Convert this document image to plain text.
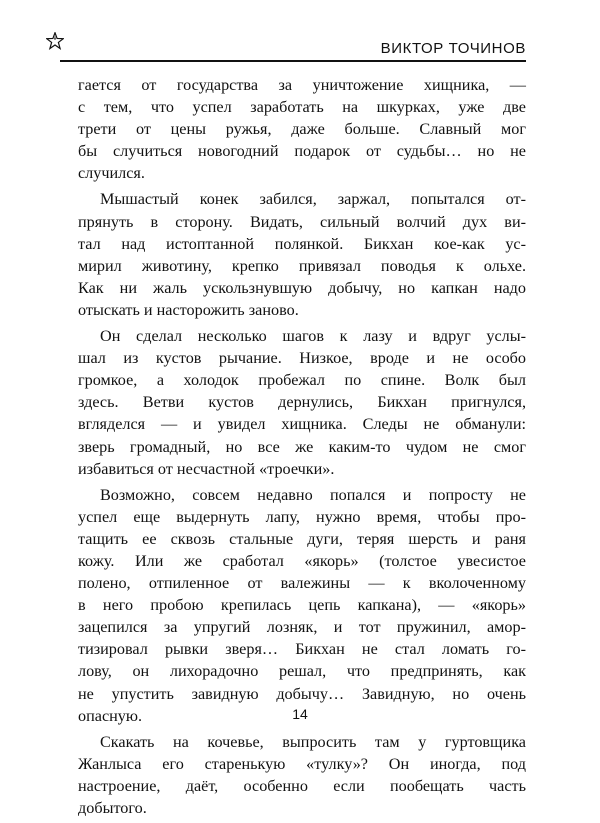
ВИКТОР ТОЧИНОВ
гается от государства за уничтожение хищника, —
с тем, что успел заработать на шкурках, уже две
трети от цены ружья, даже больше. Славный мог
бы случиться новогодний подарок от судьбы… но не
случился.
Мышастый конек забился, заржал, попытался от-
прянуть в сторону. Видать, сильный волчий дух ви-
тал над истоптанной полянкой. Бикхан кое-как ус-
мирил животину, крепко привязал поводья к ольхе.
Как ни жаль ускользнувшую добычу, но капкан надо
отыскать и насторожить заново.
Он сделал несколько шагов к лазу и вдруг услы-
шал из кустов рычание. Низкое, вроде и не особо
громкое, а холодок пробежал по спине. Волк был
здесь. Ветви кустов дернулись, Бикхан пригнулся,
вгляделся — и увидел хищника. Следы не обманули:
зверь громадный, но все же каким-то чудом не смог
избавиться от несчастной «троечки».
Возможно, совсем недавно попался и попросту не
успел еще выдернуть лапу, нужно время, чтобы про-
тащить ее сквозь стальные дуги, теряя шерсть и раня
кожу. Или же сработал «якорь» (толстое увесистое
полено, отпиленное от валежины — к вколоченному
в него пробою крепилась цепь капкана), — «якорь»
зацепился за упругий лозняк, и тот пружинил, амор-
тизировал рывки зверя… Бикхан не стал ломать го-
лову, он лихорадочно решал, что предпринять, как
не упустить завидную добычу… Завидную, но очень
опасную.
Скакать на кочевье, выпросить там у гуртовщика
Жанлыса его старенькую «тулку»? Он иногда, под
настроение, даёт, особенно если пообещать часть
добытого.
14
